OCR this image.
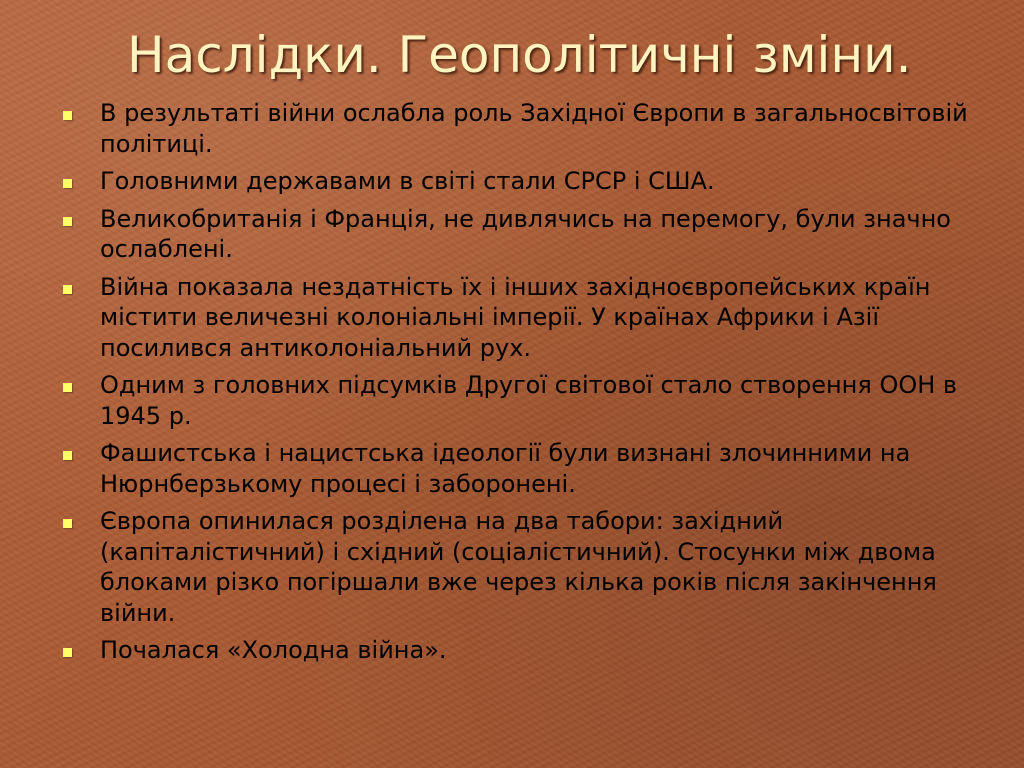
Наслідки. Геополітичні зміни.
В результаті війни ослабла роль Західної Європи в загальносвітовій політиці.
Головними державами в світі стали СРСР і США.
Великобританія і Франція, не дивлячись на перемогу, були значно ослаблені.
Війна показала нездатність їх і інших західноєвропейських країн містити величезні колоніальні імперії. У країнах Африки і Азії посилився антиколоніальний рух.
Одним з головних підсумків Другої світової стало створення ООН в 1945 р.
Фашистська і нацистська ідеології були визнані злочинними на Нюрнберзькому процесі і заборонені.
Європа опинилася розділена на два табори: західний (капіталістичний) і східний (соціалістичний). Стосунки між двома блоками різко погіршали вже через кілька років після закінчення війни.
Почалася «Холодна війна».
